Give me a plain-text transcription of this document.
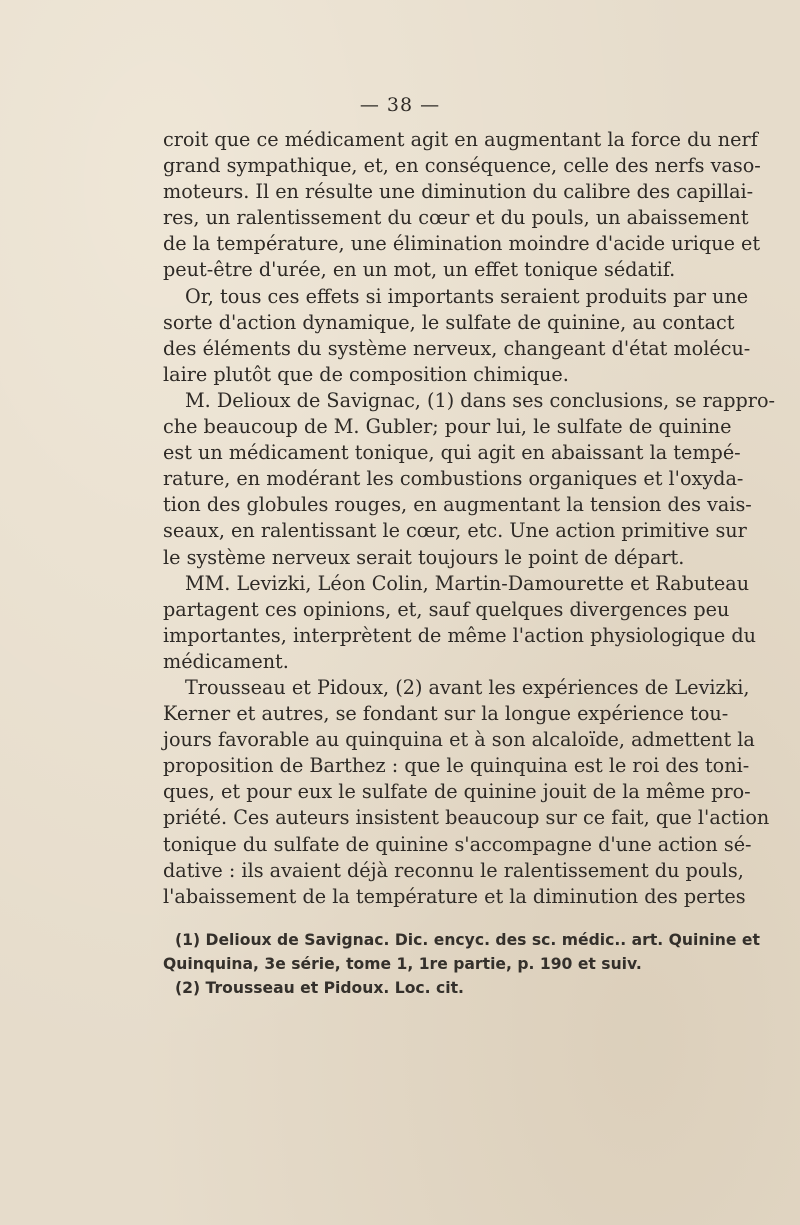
— 38 —
croit que ce médicament agit en augmentant la force du nerf
grand sympathique, et, en conséquence, celle des nerfs vaso-
moteurs. Il en résulte une diminution du calibre des capillai-
res, un ralentissement du cœur et du pouls, un abaissement
de la température, une élimination moindre d'acide urique et
peut-être d'urée, en un mot, un effet tonique sédatif.
Or, tous ces effets si importants seraient produits par une
sorte d'action dynamique, le sulfate de quinine, au contact
des éléments du système nerveux, changeant d'état molécu-
laire plutôt que de composition chimique.
M. Delioux de Savignac, (1) dans ses conclusions, se rappro-
che beaucoup de M. Gubler; pour lui, le sulfate de quinine
est un médicament tonique, qui agit en abaissant la tempé-
rature, en modérant les combustions organiques et l'oxyda-
tion des globules rouges, en augmentant la tension des vais-
seaux, en ralentissant le cœur, etc. Une action primitive sur
le système nerveux serait toujours le point de départ.
MM. Levizki, Léon Colin, Martin-Damourette et Rabuteau
partagent ces opinions, et, sauf quelques divergences peu
importantes, interprètent de même l'action physiologique du
médicament.
Trousseau et Pidoux, (2) avant les expériences de Levizki,
Kerner et autres, se fondant sur la longue expérience tou-
jours favorable au quinquina et à son alcaloïde, admettent la
proposition de Barthez : que le quinquina est le roi des toni-
ques, et pour eux le sulfate de quinine jouit de la même pro-
priété. Ces auteurs insistent beaucoup sur ce fait, que l'action
tonique du sulfate de quinine s'accompagne d'une action sé-
dative : ils avaient déjà reconnu le ralentissement du pouls,
l'abaissement de la température et la diminution des pertes
(1) Delioux de Savignac. Dic. encyc. des sc. médic.. art. Quinine et
Quinquina, 3e série, tome 1, 1re partie, p. 190 et suiv.
(2) Trousseau et Pidoux. Loc. cit.
